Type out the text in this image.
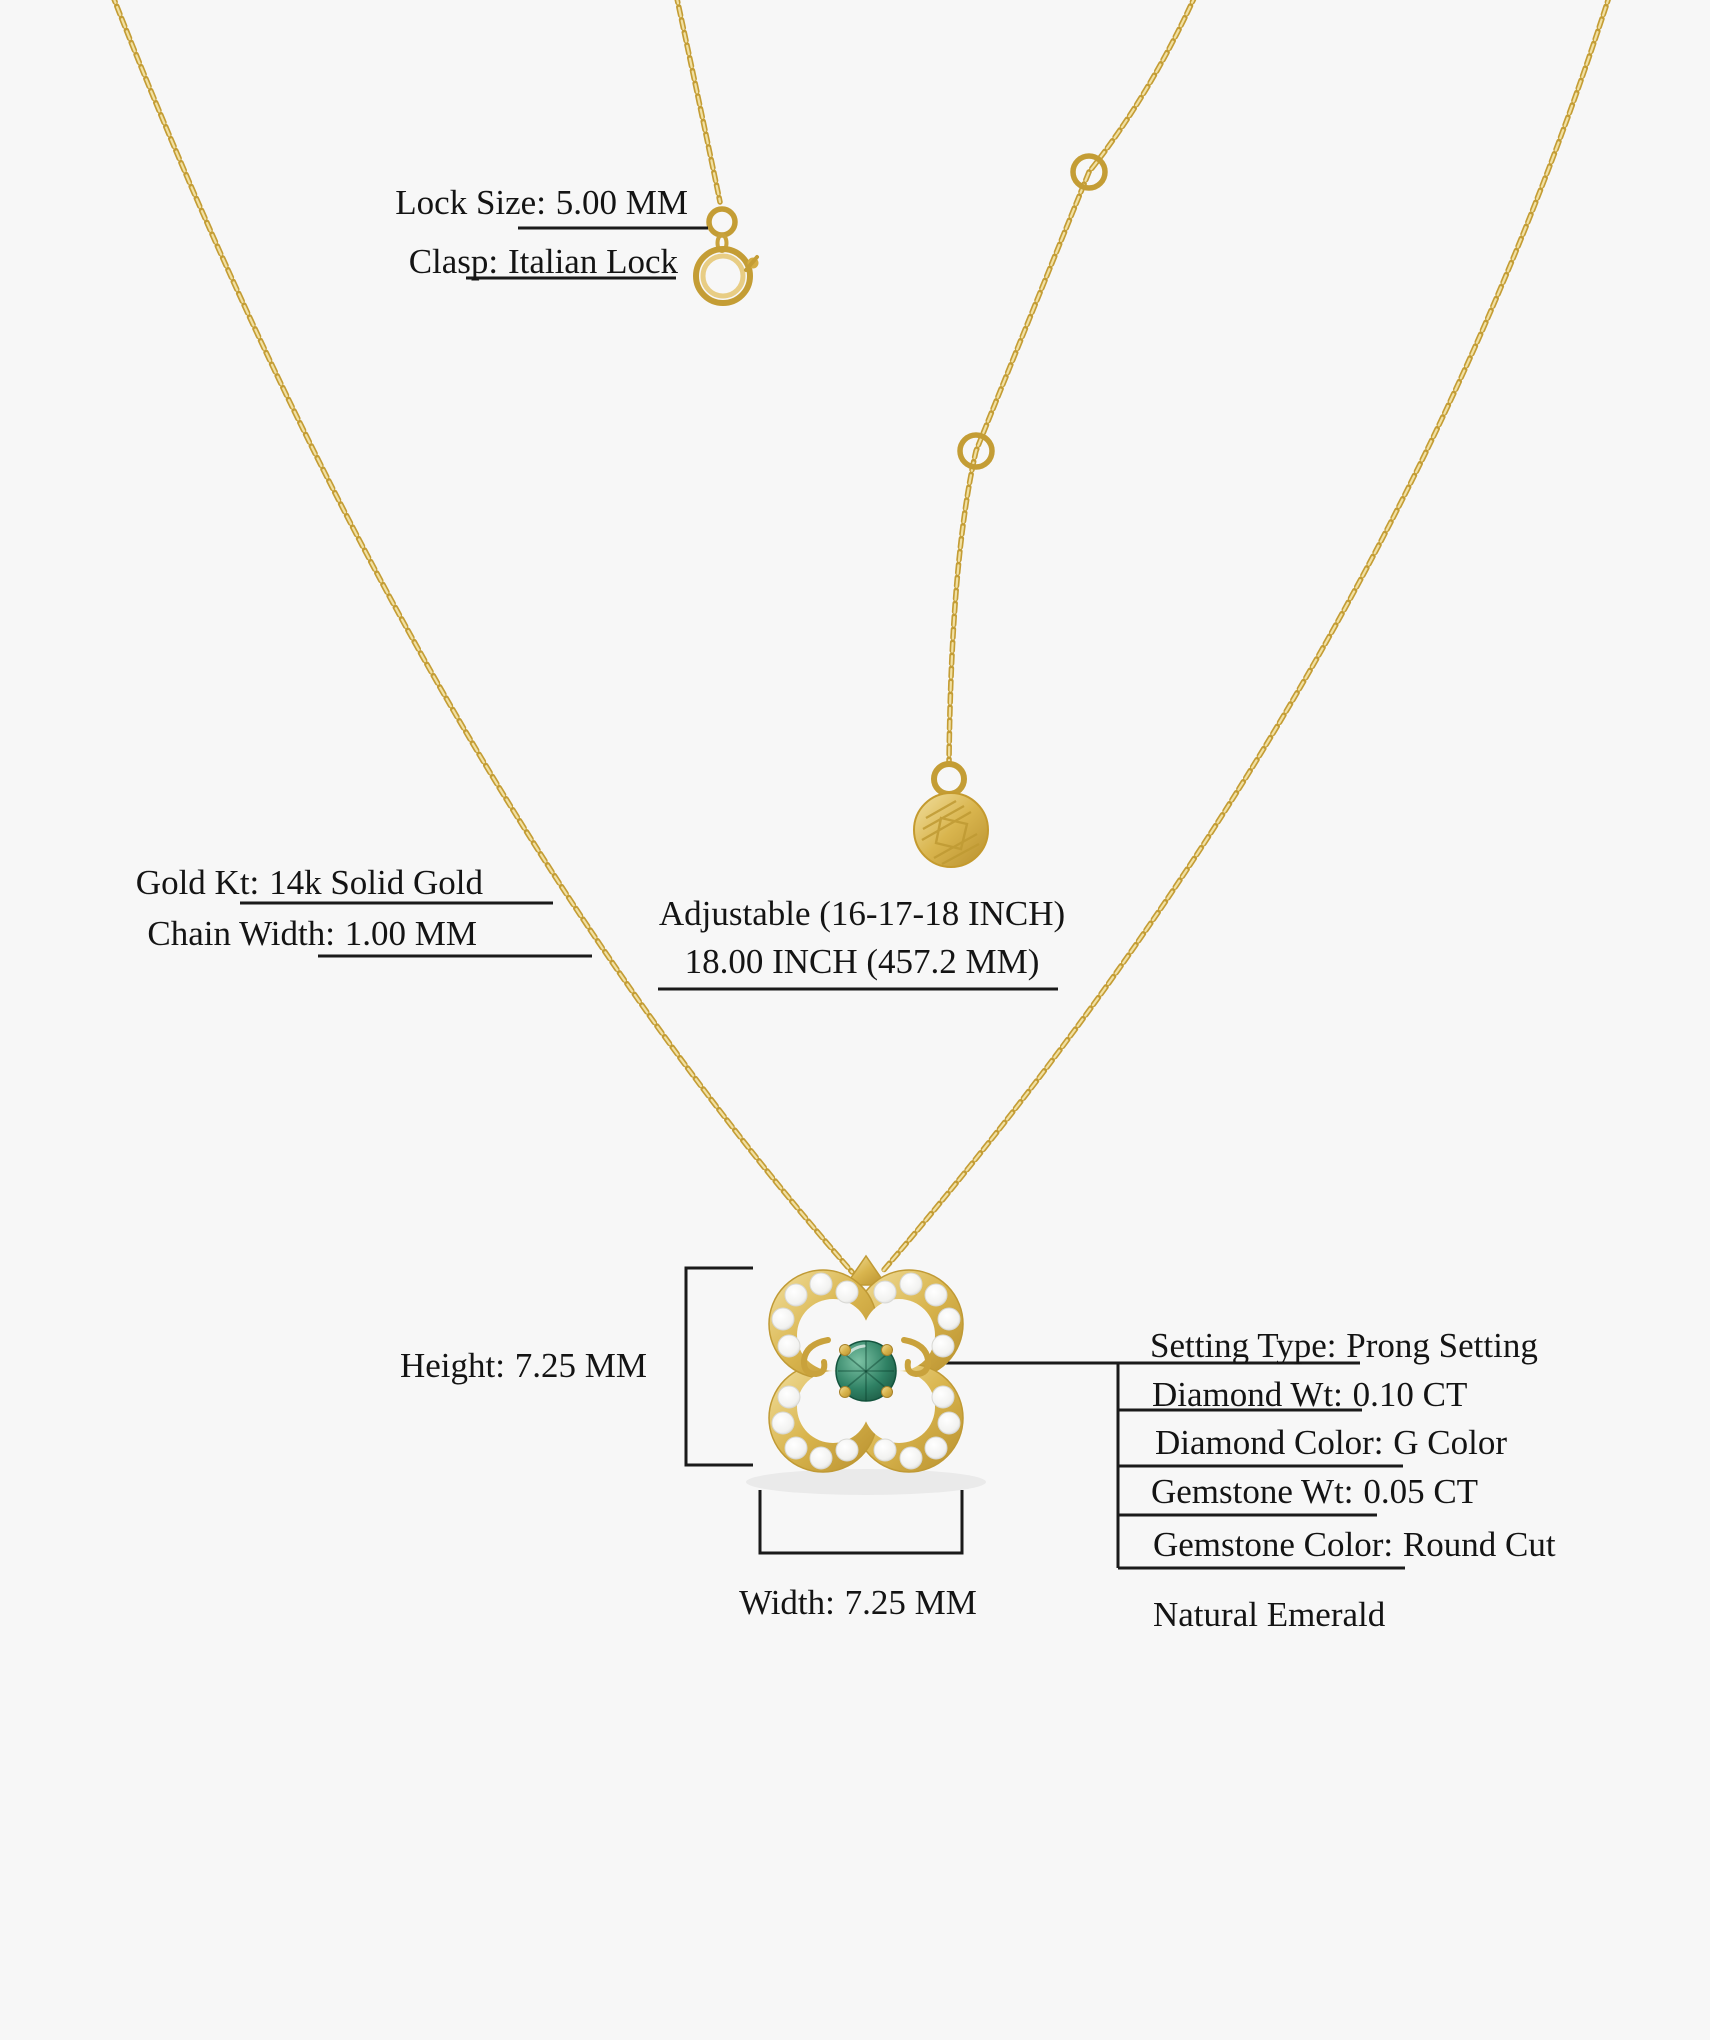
Lock Size: 5.00 MM
Clasp: Italian Lock
Gold Kt: 14k Solid Gold
Chain Width: 1.00 MM
Adjustable (16-17-18 INCH)
18.00 INCH (457.2 MM)
Height: 7.25 MM
Width: 7.25 MM
Setting Type: Prong Setting
Diamond Wt: 0.10 CT
Diamond Color: G Color
Gemstone Wt: 0.05 CT
Gemstone Color: Round Cut
Natural Emerald
